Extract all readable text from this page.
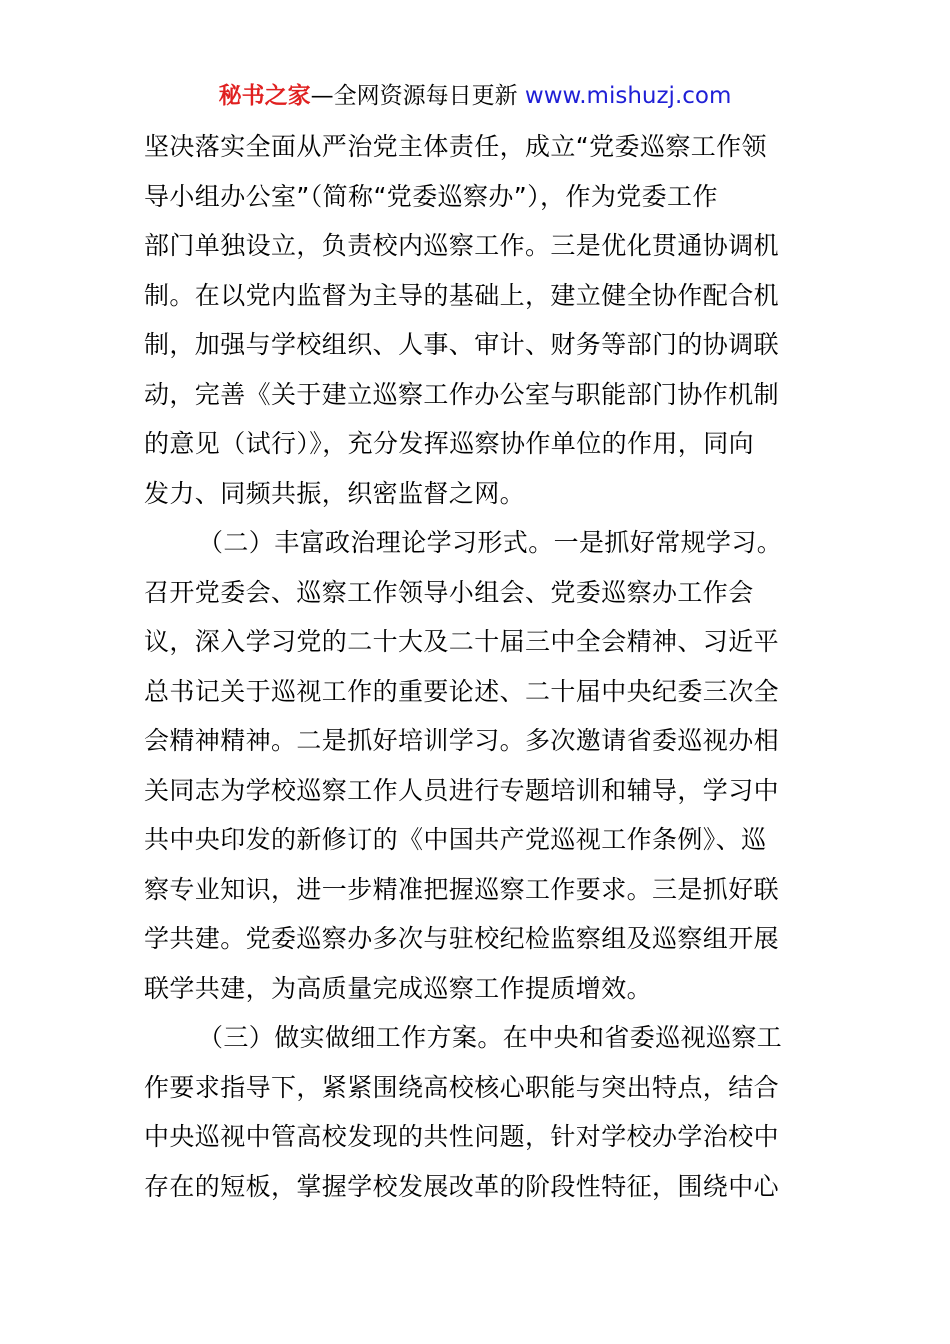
秘书之家—全网资源每日更新 www.mishuzj.com
坚决落实全面从严治党主体责任，成立“党委巡察工作领
导小组办公室”（简称“党委巡察办”），作为党委工作
部门单独设立，负责校内巡察工作。三是优化贯通协调机
制。在以党内监督为主导的基础上，建立健全协作配合机
制，加强与学校组织、人事、审计、财务等部门的协调联
动，完善《关于建立巡察工作办公室与职能部门协作机制
的意见（试行）》，充分发挥巡察协作单位的作用，同向
发力、同频共振，织密监督之网。
（二）丰富政治理论学习形式。一是抓好常规学习。
召开党委会、巡察工作领导小组会、党委巡察办工作会
议，深入学习党的二十大及二十届三中全会精神、习近平
总书记关于巡视工作的重要论述、二十届中央纪委三次全
会精神精神。二是抓好培训学习。多次邀请省委巡视办相
关同志为学校巡察工作人员进行专题培训和辅导，学习中
共中央印发的新修订的《中国共产党巡视工作条例》、巡
察专业知识，进一步精准把握巡察工作要求。三是抓好联
学共建。党委巡察办多次与驻校纪检监察组及巡察组开展
联学共建，为高质量完成巡察工作提质增效。
（三）做实做细工作方案。在中央和省委巡视巡察工
作要求指导下，紧紧围绕高校核心职能与突出特点，结合
中央巡视中管高校发现的共性问题，针对学校办学治校中
存在的短板，掌握学校发展改革的阶段性特征，围绕中心
